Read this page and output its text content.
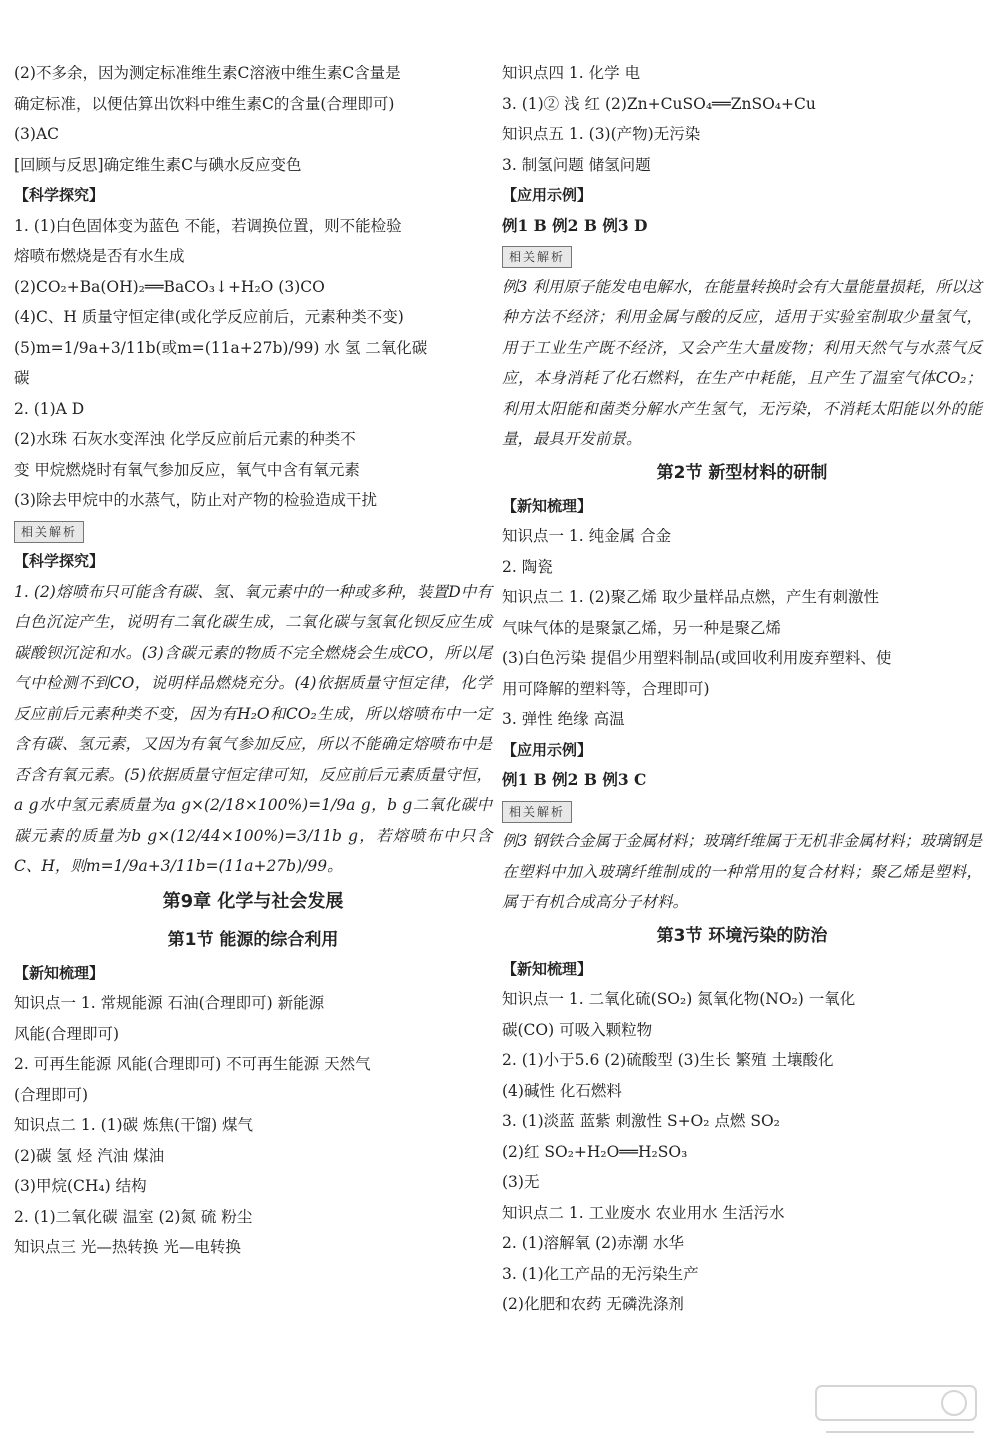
(2)不多余，因为测定标准维生素C溶液中维生素C含量是
确定标准，以便估算出饮料中维生素C的含量(合理即可)
(3)AC
[回顾与反思]确定维生素C与碘水反应变色
【科学探究】
1. (1)白色固体变为蓝色 不能，若调换位置，则不能检验
熔喷布燃烧是否有水生成
(2)CO₂+Ba(OH)₂══BaCO₃↓+H₂O (3)CO
(4)C、H 质量守恒定律(或化学反应前后，元素种类不变)
(5)m=1/9a+3/11b(或m=(11a+27b)/99) 水 氢 二氧化碳
碳
2. (1)A D
(2)水珠 石灰水变浑浊 化学反应前后元素的种类不
变 甲烷燃烧时有氧气参加反应，氧气中含有氧元素
(3)除去甲烷中的水蒸气，防止对产物的检验造成干扰
相关解析
【科学探究】
1. (2)熔喷布只可能含有碳、氢、氧元素中的一种或多种，装置D中有白色沉淀产生，说明有二氧化碳生成，二氧化碳与氢氧化钡反应生成碳酸钡沉淀和水。(3)含碳元素的物质不完全燃烧会生成CO，所以尾气中检测不到CO，说明样品燃烧充分。(4)依据质量守恒定律，化学反应前后元素种类不变，因为有H₂O和CO₂生成，所以熔喷布中一定含有碳、氢元素，又因为有氧气参加反应，所以不能确定熔喷布中是否含有氧元素。(5)依据质量守恒定律可知，反应前后元素质量守恒，a g水中氢元素质量为a g×(2/18×100%)=1/9a g，b g二氧化碳中碳元素的质量为b g×(12/44×100%)=3/11b g，若熔喷布中只含C、H，则m=1/9a+3/11b=(11a+27b)/99。
第9章 化学与社会发展
第1节 能源的综合利用
【新知梳理】
知识点一 1. 常规能源 石油(合理即可) 新能源
风能(合理即可)
2. 可再生能源 风能(合理即可) 不可再生能源 天然气
(合理即可)
知识点二 1. (1)碳 炼焦(干馏) 煤气
(2)碳 氢 烃 汽油 煤油
(3)甲烷(CH₄) 结构
2. (1)二氧化碳 温室 (2)氮 硫 粉尘
知识点三 光—热转换 光—电转换
知识点四 1. 化学 电
3. (1)② 浅 红 (2)Zn+CuSO₄══ZnSO₄+Cu
知识点五 1. (3)(产物)无污染
3. 制氢问题 储氢问题
【应用示例】
例1 B 例2 B 例3 D
相关解析
例3 利用原子能发电电解水，在能量转换时会有大量能量损耗，所以这种方法不经济；利用金属与酸的反应，适用于实验室制取少量氢气，用于工业生产既不经济，又会产生大量废物；利用天然气与水蒸气反应，本身消耗了化石燃料，在生产中耗能，且产生了温室气体CO₂；利用太阳能和菌类分解水产生氢气，无污染，不消耗太阳能以外的能量，最具开发前景。
第2节 新型材料的研制
【新知梳理】
知识点一 1. 纯金属 合金
2. 陶瓷
知识点二 1. (2)聚乙烯 取少量样品点燃，产生有刺激性
气味气体的是聚氯乙烯，另一种是聚乙烯
(3)白色污染 提倡少用塑料制品(或回收利用废弃塑料、使
用可降解的塑料等，合理即可)
3. 弹性 绝缘 高温
【应用示例】
例1 B 例2 B 例3 C
相关解析
例3 钢铁合金属于金属材料；玻璃纤维属于无机非金属材料；玻璃钢是在塑料中加入玻璃纤维制成的一种常用的复合材料；聚乙烯是塑料，属于有机合成高分子材料。
第3节 环境污染的防治
【新知梳理】
知识点一 1. 二氧化硫(SO₂) 氮氧化物(NO₂) 一氧化
碳(CO) 可吸入颗粒物
2. (1)小于5.6 (2)硫酸型 (3)生长 繁殖 土壤酸化
(4)碱性 化石燃料
3. (1)淡蓝 蓝紫 刺激性 S+O₂ 点燃 SO₂
(2)红 SO₂+H₂O══H₂SO₃
(3)无
知识点二 1. 工业废水 农业用水 生活污水
2. (1)溶解氧 (2)赤潮 水华
3. (1)化工产品的无污染生产
(2)化肥和农药 无磷洗涤剂
